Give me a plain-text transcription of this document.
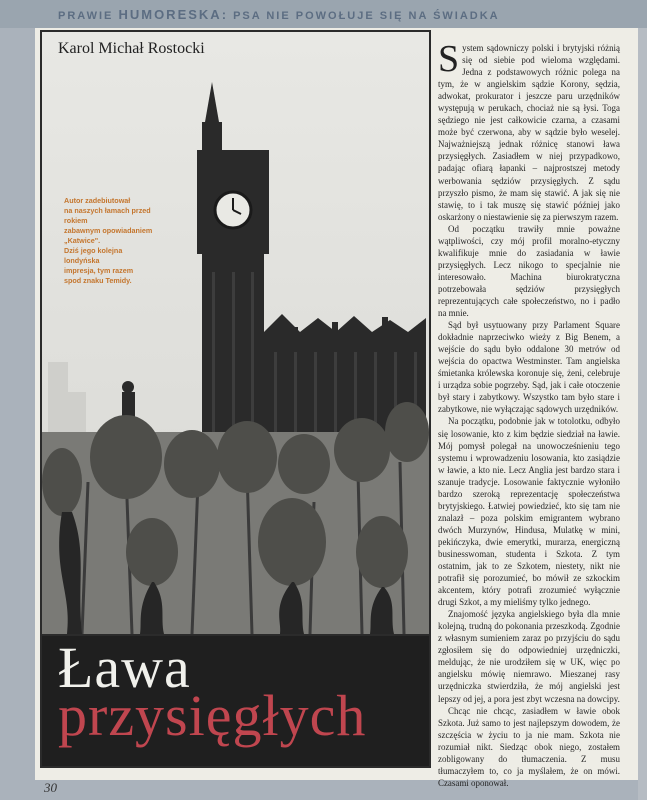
PRAWIE HUMORESKA: PSA NIE POWOŁUJE SIĘ NA ŚWIADKA
Karol Michał Rostocki
Autor zadebiutował
na naszych łamach przed rokiem
zabawnym opowiadaniem
„Katwice".
Dziś jego kolejna londyńska
impresja, tym razem
spod znaku Temidy.
Ława
przysięgłych

System sądowniczy polski i brytyjski różnią się od siebie pod wieloma względami. Jedna z podstawowych różnic polega na tym, że w angielskim sądzie Korony, sędzia, adwokat, prokurator i jeszcze paru urzędników występują w perukach, chociaż nie są łysi. Toga sędziego nie jest całkowicie czarna, a czasami może być czerwona, aby w sądzie było weselej. Najważniejszą jednak różnicę stanowi ława przysięgłych. Zasiadłem w niej przypadkowo, padając ofiarą łapanki – najprostszej metody werbowania sędziów przysięgłych. Z sądu przyszło pismo, że mam się stawić. A jak się nie stawię, to i tak muszę się stawić później jako oskarżony o niestawienie się za pierwszym razem.

Od początku trawiły mnie poważne wątpliwości, czy mój profil moralno-etyczny kwalifikuje mnie do zasiadania w ławie przysięgłych. Lecz nikogo to specjalnie nie interesowało. Machina biurokratyczna potrzebowała sędziów przysięgłych reprezentujących całe społeczeństwo, no i padło na mnie.

Sąd był usytuowany przy Parlament Square dokładnie naprzeciwko wieży z Big Benem, a wejście do sądu było oddalone 30 metrów od wejścia do opactwa Westminster. Tam angielska śmietanka królewska koronuje się, żeni, celebruje i urządza sobie pogrzeby. Sąd, jak i całe otoczenie był stary i zabytkowy. Wszystko tam było stare i zabytkowe, nie wyłączając sądowych urzędników.

Na początku, podobnie jak w totolotku, odbyło się losowanie, kto z kim będzie siedział na ławie. Mój pomysł polegał na unowocześnieniu tego systemu i wprowadzeniu losowania, kto zasiądzie w ławie, a kto nie. Lecz Anglia jest bardzo stara i szanuje tradycje. Losowanie faktycznie wyłoniło bardzo szeroką reprezentację społeczeństwa brytyjskiego. Łatwiej powiedzieć, kto się tam nie znalazł – poza polskim emigrantem wybrano dwóch Murzynów, Hindusa, Mulatkę w mini, pekińczyka, dwie emerytki, murarza, energiczną businesswoman, studenta i Szkota. Z tym ostatnim, jak to ze Szkotem, niestety, nikt nie potrafił się porozumieć, bo mówił ze szkockim akcentem, który potrafi zrozumieć wyłącznie drugi Szkot, a my mieliśmy tylko jednego.

Znajomość języka angielskiego była dla mnie kolejną, trudną do pokonania przeszkodą. Zgodnie z własnym sumieniem zaraz po przyjściu do sądu zgłosiłem się do odpowiedniej urzędniczki, meldując, że nie urodziłem się w UK, więc po angielsku mówię niemrawo. Mieszanej rasy urzędniczka stwierdziła, że mój angielski jest lepszy od jej, a pora jest zbyt wczesna na dowcipy.

Chcąc nie chcąc, zasiadłem w ławie obok Szkota. Już samo to jest najlepszym dowodem, że szczęścia w życiu to ja nie mam. Szkota nie rozumiał nikt. Siedząc obok niego, zostałem zobligowany do tłumaczenia. Z musu tłumaczyłem to, co ja myślałem, że on mówi. Czasami oponował.

30
